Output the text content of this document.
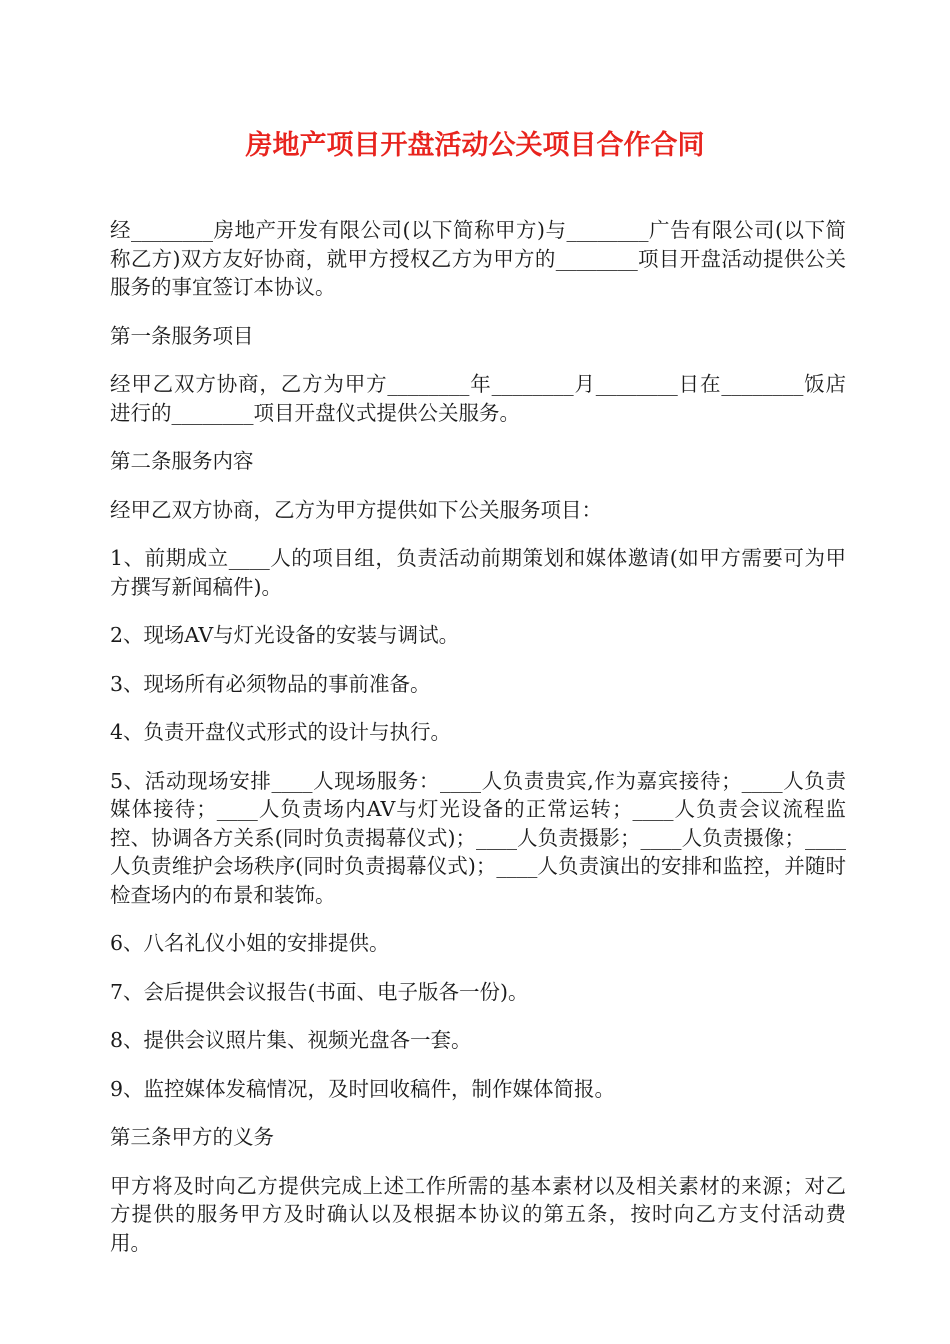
房地产项目开盘活动公关项目合作合同

经________房地产开发有限公司(以下简称甲方)与________广告有限公司(以下简称乙方)双方友好协商，就甲方授权乙方为甲方的________项目开盘活动提供公关服务的事宜签订本协议。

第一条服务项目

经甲乙双方协商，乙方为甲方________年________月________日在________饭店进行的________项目开盘仪式提供公关服务。

第二条服务内容

经甲乙双方协商，乙方为甲方提供如下公关服务项目：

1、前期成立____人的项目组，负责活动前期策划和媒体邀请(如甲方需要可为甲方撰写新闻稿件)。

2、现场AV与灯光设备的安装与调试。

3、现场所有必须物品的事前准备。

4、负责开盘仪式形式的设计与执行。

5、活动现场安排____人现场服务：____人负责贵宾,作为嘉宾接待；____人负责媒体接待；____人负责场内AV与灯光设备的正常运转；____人负责会议流程监控、协调各方关系(同时负责揭幕仪式)；____人负责摄影；____人负责摄像；____人负责维护会场秩序(同时负责揭幕仪式)；____人负责演出的安排和监控，并随时检查场内的布景和装饰。

6、八名礼仪小姐的安排提供。

7、会后提供会议报告(书面、电子版各一份)。

8、提供会议照片集、视频光盘各一套。

9、监控媒体发稿情况，及时回收稿件，制作媒体简报。

第三条甲方的义务

甲方将及时向乙方提供完成上述工作所需的基本素材以及相关素材的来源；对乙方提供的服务甲方及时确认以及根据本协议的第五条，按时向乙方支付活动费用。
